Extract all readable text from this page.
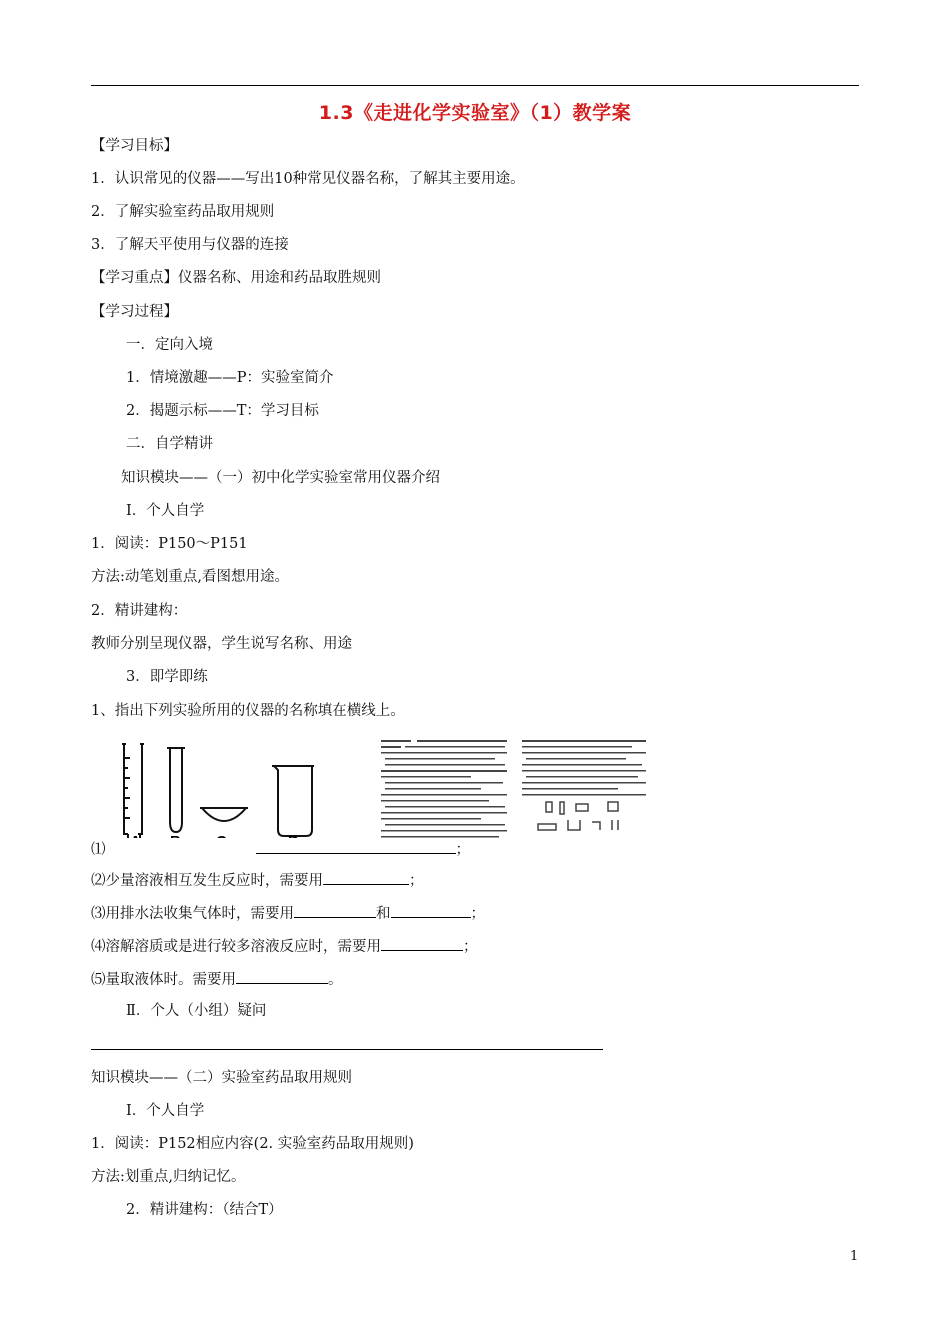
1.3《走进化学实验室》（1）教学案
【学习目标】
1．认识常见的仪器——写出10种常见仪器名称，了解其主要用途。
2．了解实验室药品取用规则
3．了解天平使用与仪器的连接
【学习重点】仪器名称、用途和药品取胜规则
【学习过程】
一．定向入境
1．情境激趣——P：实验室简介
2．揭题示标——T：学习目标
二．自学精讲
知识模块——（一）初中化学实验室常用仪器介绍
Ⅰ．个人自学
1．阅读：P150～P151
方法:动笔划重点,看图想用途。
2．精讲建构：
教师分别呈现仪器，学生说写名称、用途
3．即学即练
1、指出下列实验所用的仪器的名称填在横线上。
⑴	；
⑵少量溶液相互发生反应时，需要用	；
⑶用排水法收集气体时，需要用	和	；
⑷溶解溶质或是进行较多溶液反应时，需要用	；
⑸量取液体时。需要用	。
Ⅱ．个人（小组）疑问
知识模块——（二）实验室药品取用规则
Ⅰ．个人自学
1．阅读：P152相应内容(2. 实验室药品取用规则)
方法:划重点,归纳记忆。
2．精讲建构：（结合T）
1
